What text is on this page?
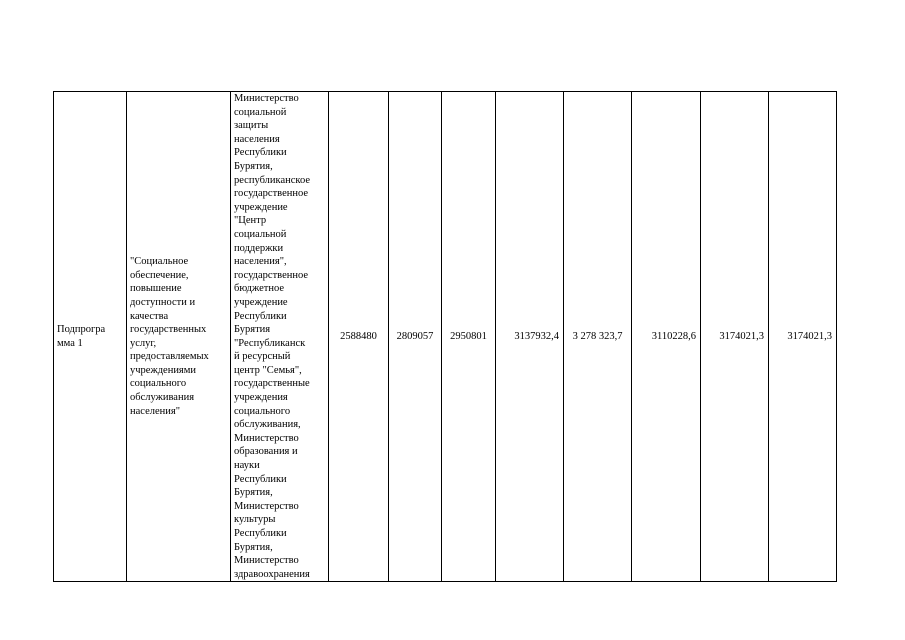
Подпрогра
мма 1	"Социальное
обеспечение,
повышение
доступности и
качества
государственных
услуг,
предоставляемых
учреждениями
социального
обслуживания
населения"	Министерство
социальной
защиты
населения
Республики
Бурятия,
республиканское
государственное
учреждение
"Центр
социальной
поддержки
населения",
государственное
бюджетное
учреждение
Республики
Бурятия
"Республиканск
й ресурсный
центр "Семья",
государственные
учреждения
социального
обслуживания,
Министерство
образования и
науки
Республики
Бурятия,
Министерство
культуры
Республики
Бурятия,
Министерство
здравоохранения	2588480	2809057	2950801	3137932,4	3 278 323,7	3110228,6	3174021,3	3174021,3
